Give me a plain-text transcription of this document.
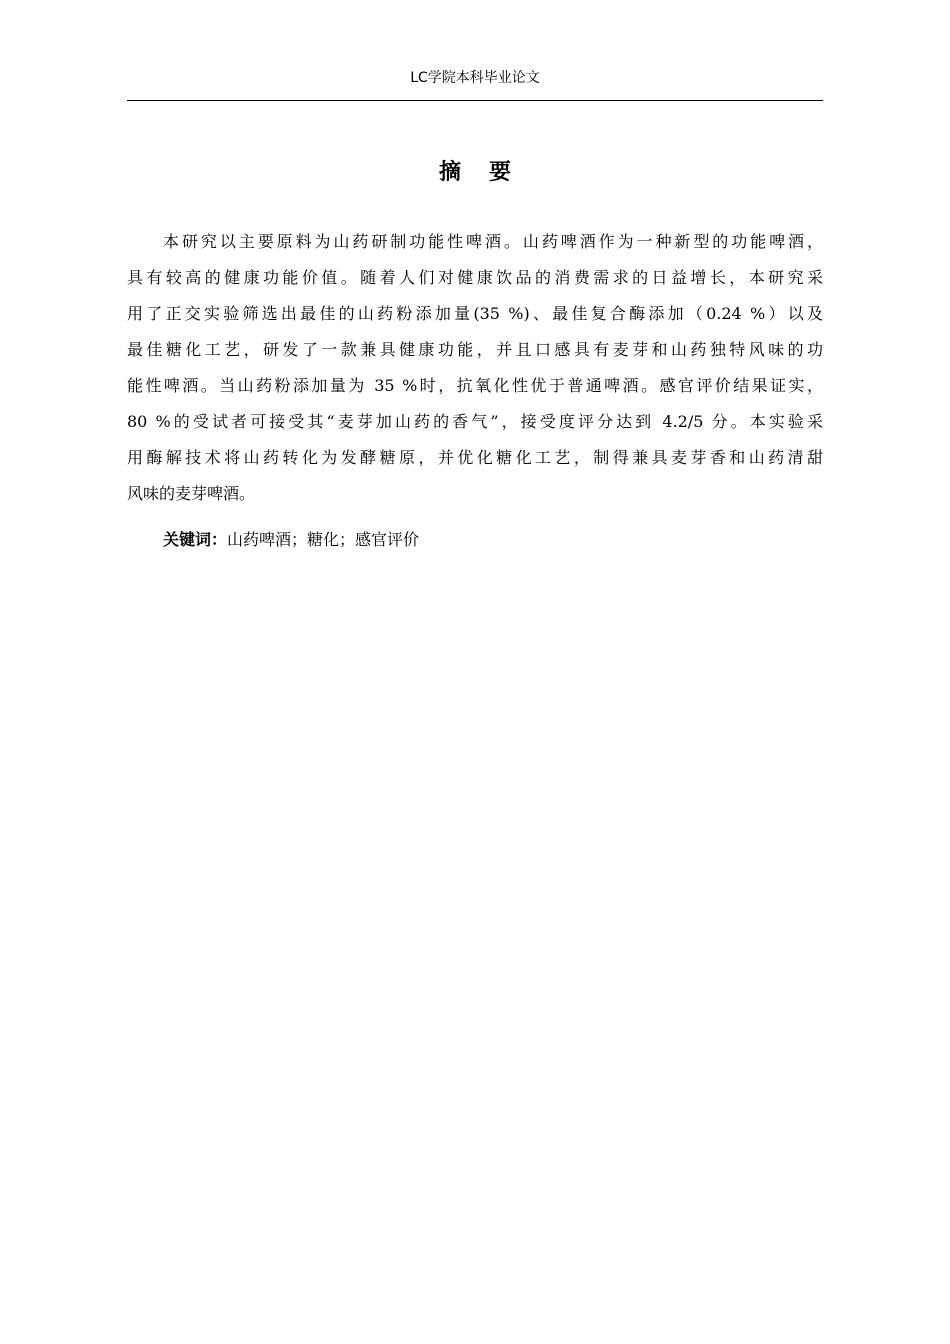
LC学院本科毕业论文
摘要

本研究以主要原料为山药研制功能性啤酒。山药啤酒作为一种新型的功能啤酒，
具有较高的健康功能价值。随着人们对健康饮品的消费需求的日益增长，本研究采
用了正交实验筛选出最佳的山药粉添加量(35 %)、最佳复合酶添加（0.24 %）以及
最佳糖化工艺，研发了一款兼具健康功能，并且口感具有麦芽和山药独特风味的功
能性啤酒。当山药粉添加量为 35 %时，抗氧化性优于普通啤酒。感官评价结果证实，
80 %的受试者可接受其“麦芽加山药的香气”，接受度评分达到 4.2/5 分。本实验采
用酶解技术将山药转化为发酵糖原，并优化糖化工艺，制得兼具麦芽香和山药清甜
风味的麦芽啤酒。

关键词：山药啤酒；糖化；感官评价
